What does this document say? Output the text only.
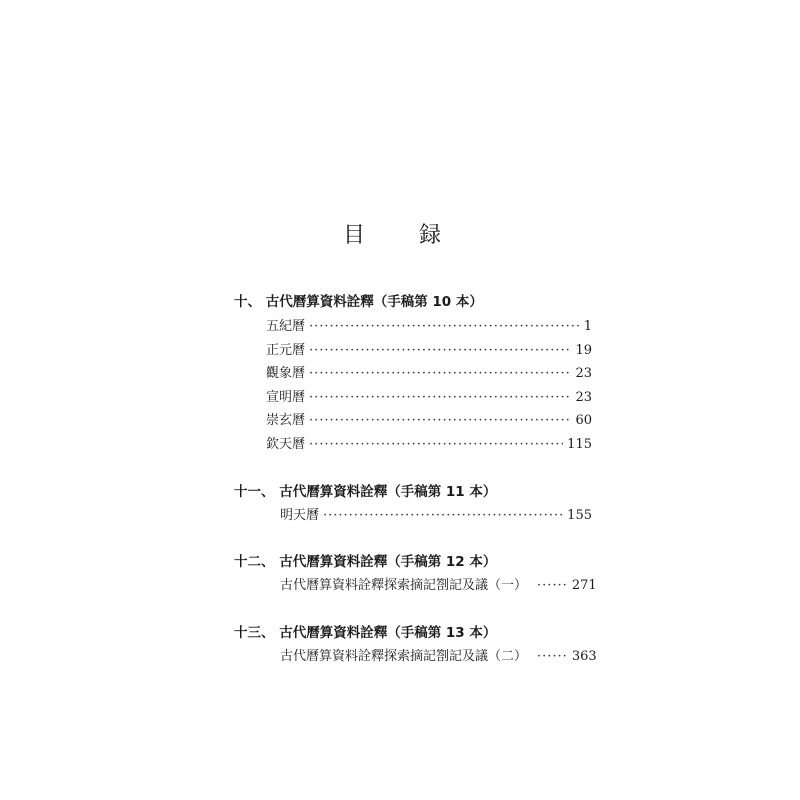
目　録
十、 古代曆算資料詮釋（手稿第 10 本）
五紀曆 ·····	1
正元曆 ·····	19
觀象曆 ·····	23
宣明曆 ·····	23
崇玄曆 ·····	60
欽天曆 ·····	115
十一、 古代曆算資料詮釋（手稿第 11 本）
明天曆 ·····	155
十二、 古代曆算資料詮釋（手稿第 12 本）
古代曆算資料詮釋探索摘記劄記及議（一） ······	271
十三、 古代曆算資料詮釋（手稿第 13 本）
古代曆算資料詮釋探索摘記劄記及議（二） ······	363
